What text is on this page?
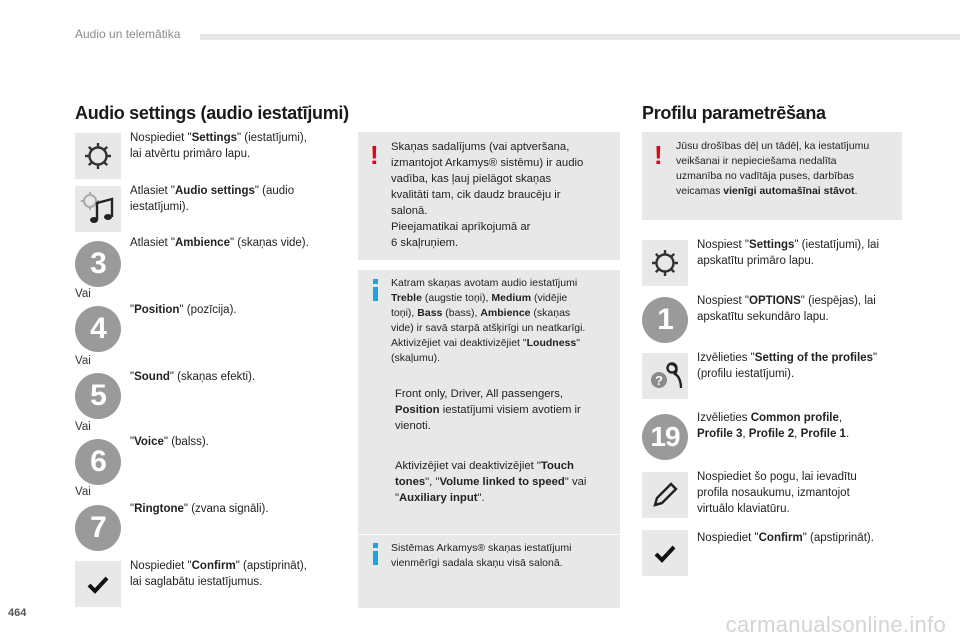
Audio un telemātika
Audio settings (audio iestatījumi)
Nospiediet "Settings" (iestatījumi),
lai atvērtu primāro lapu.
Atlasiet "Audio settings" (audio
iestatījumi).
3
Atlasiet "Ambience" (skaņas vide).
Vai
4
"Position" (pozīcija).
Vai
5
"Sound" (skaņas efekti).
Vai
6
"Voice" (balss).
Vai
7
"Ringtone" (zvana signāli).
Nospiediet "Confirm" (apstiprināt),
lai saglabātu iestatījumus.
! Skaņas sadalījums (vai aptveršana,
izmantojot Arkamys® sistēmu) ir audio
vadība, kas ļauj pielāgot skaņas
kvalitāti tam, cik daudz braucēju ir
salonā.
Pieejamatikai aprīkojumā ar
6 skaļruņiem.
Katram skaņas avotam audio iestatījumi
Treble (augstie toņi), Medium (vidējie
toņi), Bass (bass), Ambience (skaņas
vide) ir savā starpā atšķirīgi un neatkarīgi.
Aktivizējiet vai deaktivizējiet "Loudness"
(skaļumu).
Front only, Driver, All passengers,
Position iestatījumi visiem avotiem ir
vienoti.
Aktivizējiet vai deaktivizējiet "Touch
tones", "Volume linked to speed" vai
"Auxiliary input".
Sistēmas Arkamys® skaņas iestatījumi
vienmērīgi sadala skaņu visā salonā.
Profilu parametrēšana
! Jūsu drošības dēļ un tādēļ, ka iestatījumu
veikšanai ir nepieciešama nedalīta
uzmanība no vadītāja puses, darbības
veicamas vienīgi automašīnai stāvot.
Nospiest "Settings" (iestatījumi), lai
apskatītu primāro lapu.
1
Nospiest "OPTIONS" (iespējas), lai
apskatītu sekundāro lapu.
?
Izvēlieties "Setting of the profiles"
(profilu iestatījumi).
19
Izvēlieties Common profile,
Profile 3, Profile 2, Profile 1.
Nospiediet šo pogu, lai ievadītu
profila nosaukumu, izmantojot
virtuālo klaviatūru.
Nospiediet "Confirm" (apstiprināt).
464	carmanualsonline.info
